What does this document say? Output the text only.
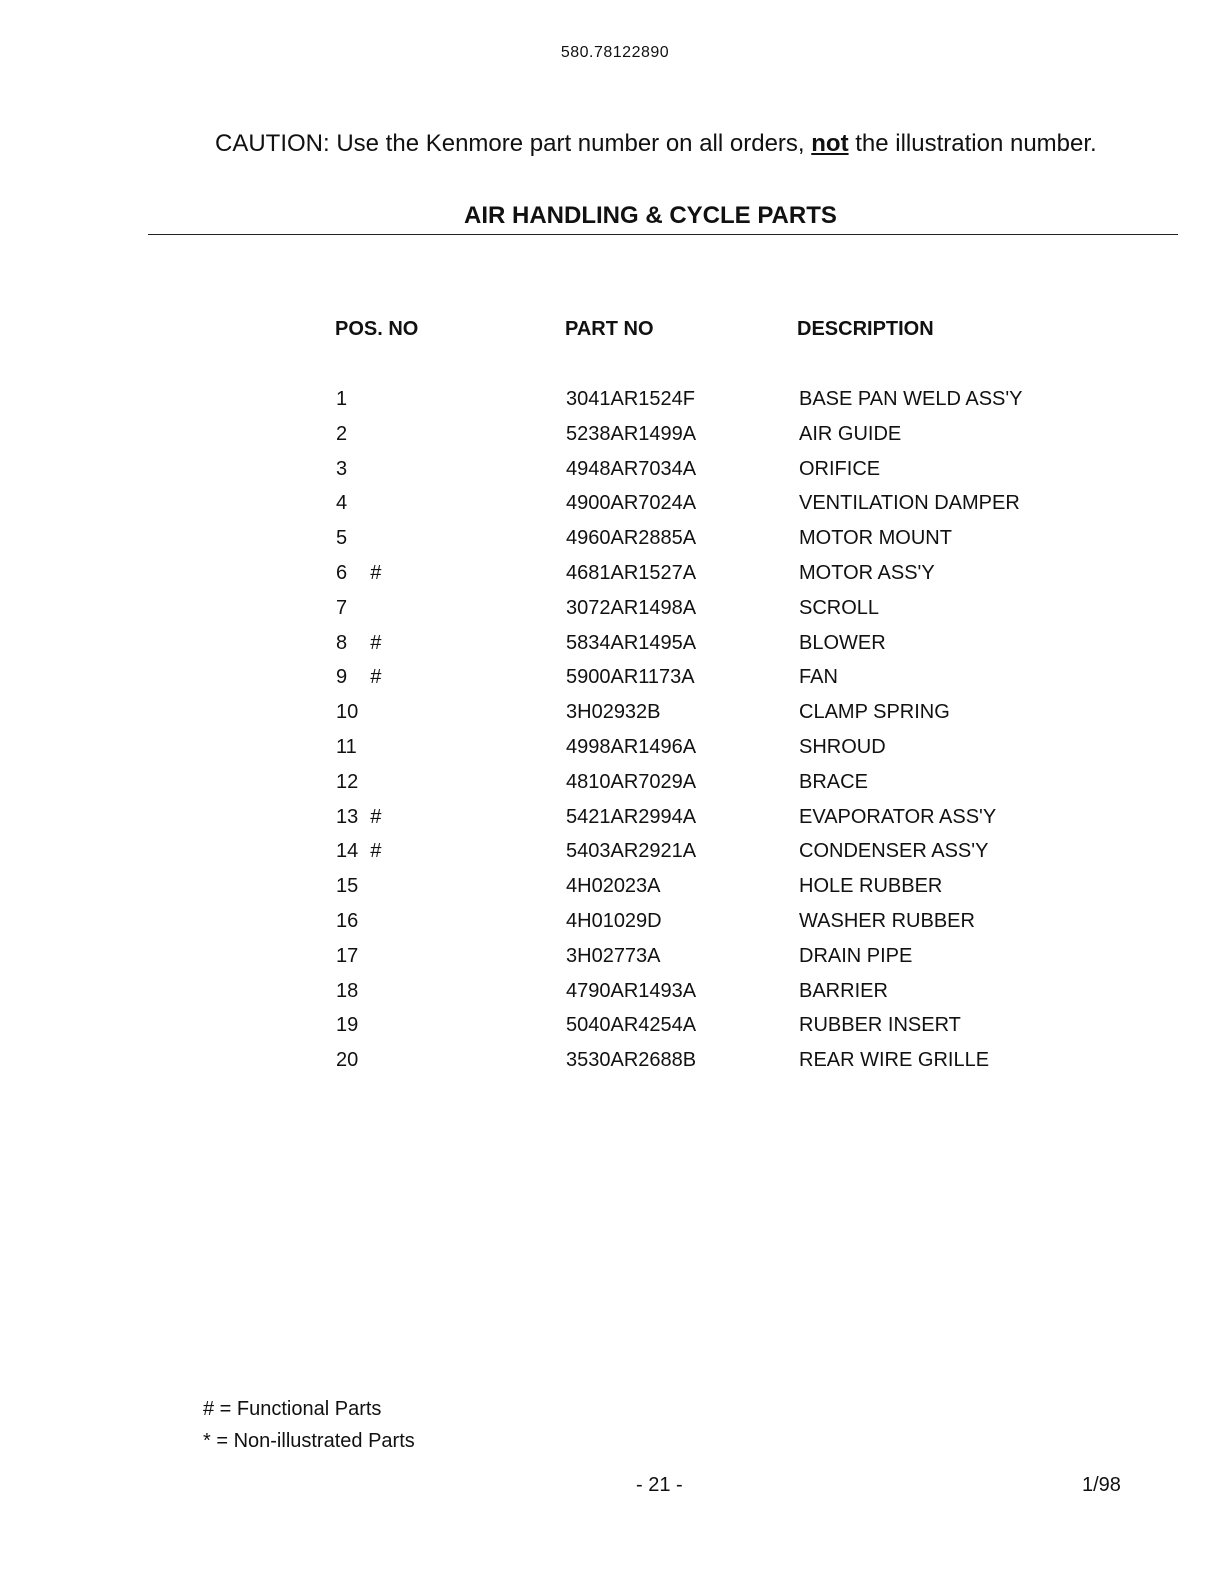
580.78122890
CAUTION: Use the Kenmore part number on all orders, not the illustration number.
AIR HANDLING & CYCLE PARTS
POS. NO	PART NO	DESCRIPTION
1	3041AR1524F	BASE PAN WELD ASS'Y
2	5238AR1499A	AIR GUIDE
3	4948AR7034A	ORIFICE
4	4900AR7024A	VENTILATION DAMPER
5	4960AR2885A	MOTOR MOUNT
6 #	4681AR1527A	MOTOR ASS'Y
7	3072AR1498A	SCROLL
8 #	5834AR1495A	BLOWER
9 #	5900AR1173A	FAN
10	3H02932B	CLAMP SPRING
11	4998AR1496A	SHROUD
12	4810AR7029A	BRACE
13 #	5421AR2994A	EVAPORATOR ASS'Y
14 #	5403AR2921A	CONDENSER ASS'Y
15	4H02023A	HOLE RUBBER
16	4H01029D	WASHER RUBBER
17	3H02773A	DRAIN PIPE
18	4790AR1493A	BARRIER
19	5040AR4254A	RUBBER INSERT
20	3530AR2688B	REAR WIRE GRILLE
# = Functional Parts
* = Non-illustrated Parts
- 21 -	1/98
